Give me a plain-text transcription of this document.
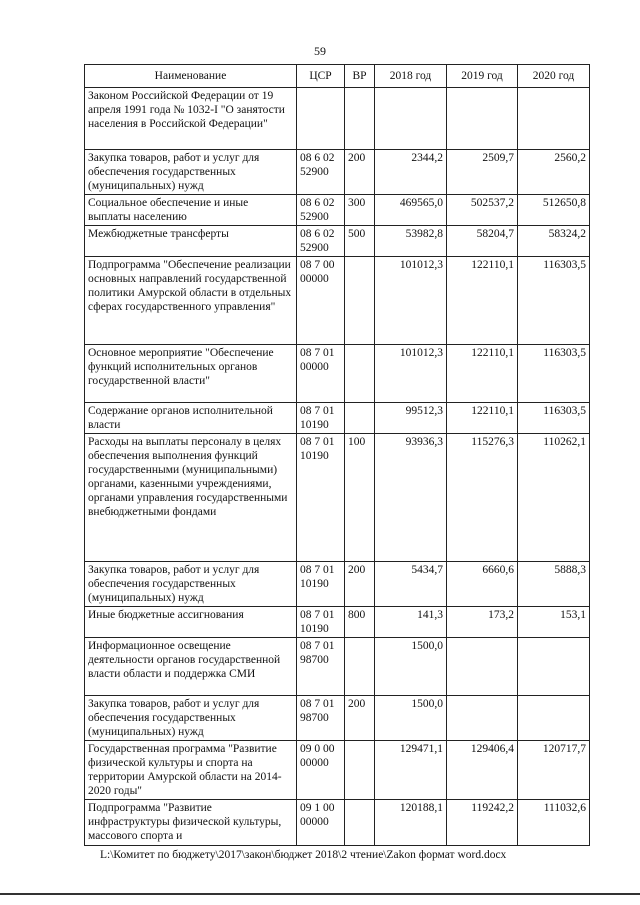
59
Наименование	ЦСР	ВР	2018 год	2019 год	2020 год
Законом Российской Федерации от 19 апреля 1991 года № 1032-I "О занятости населения в Российской Федерации"					
Закупка товаров, работ и услуг для обеспечения государственных (муниципальных) нужд	08 6 02 52900	200	2344,2	2509,7	2560,2
Социальное обеспечение и иные выплаты населению	08 6 02 52900	300	469565,0	502537,2	512650,8
Межбюджетные трансферты	08 6 02 52900	500	53982,8	58204,7	58324,2
Подпрограмма "Обеспечение реализации основных направлений государственной политики Амурской области в отдельных сферах государственного управления"	08 7 00 00000		101012,3	122110,1	116303,5
Основное мероприятие "Обеспечение функций исполнительных органов государственной власти"	08 7 01 00000		101012,3	122110,1	116303,5
Содержание органов исполнительной власти	08 7 01 10190		99512,3	122110,1	116303,5
Расходы на выплаты персоналу в целях обеспечения выполнения функций государственными (муниципальными) органами, казенными учреждениями, органами управления государственными внебюджетными фондами	08 7 01 10190	100	93936,3	115276,3	110262,1
Закупка товаров, работ и услуг для обеспечения государственных (муниципальных) нужд	08 7 01 10190	200	5434,7	6660,6	5888,3
Иные бюджетные ассигнования	08 7 01 10190	800	141,3	173,2	153,1
Информационное освещение деятельности органов государственной власти области и поддержка СМИ	08 7 01 98700		1500,0		
Закупка товаров, работ и услуг для обеспечения государственных (муниципальных) нужд	08 7 01 98700	200	1500,0		
Государственная программа "Развитие физической культуры и спорта на территории Амурской области на 2014-2020 годы"	09 0 00 00000		129471,1	129406,4	120717,7
Подпрограмма "Развитие инфраструктуры физической культуры, массового спорта и	09 1 00 00000		120188,1	119242,2	111032,6
L:\Комитет по бюджету\2017\закон\бюджет 2018\2 чтение\Zakon формат word.docx
